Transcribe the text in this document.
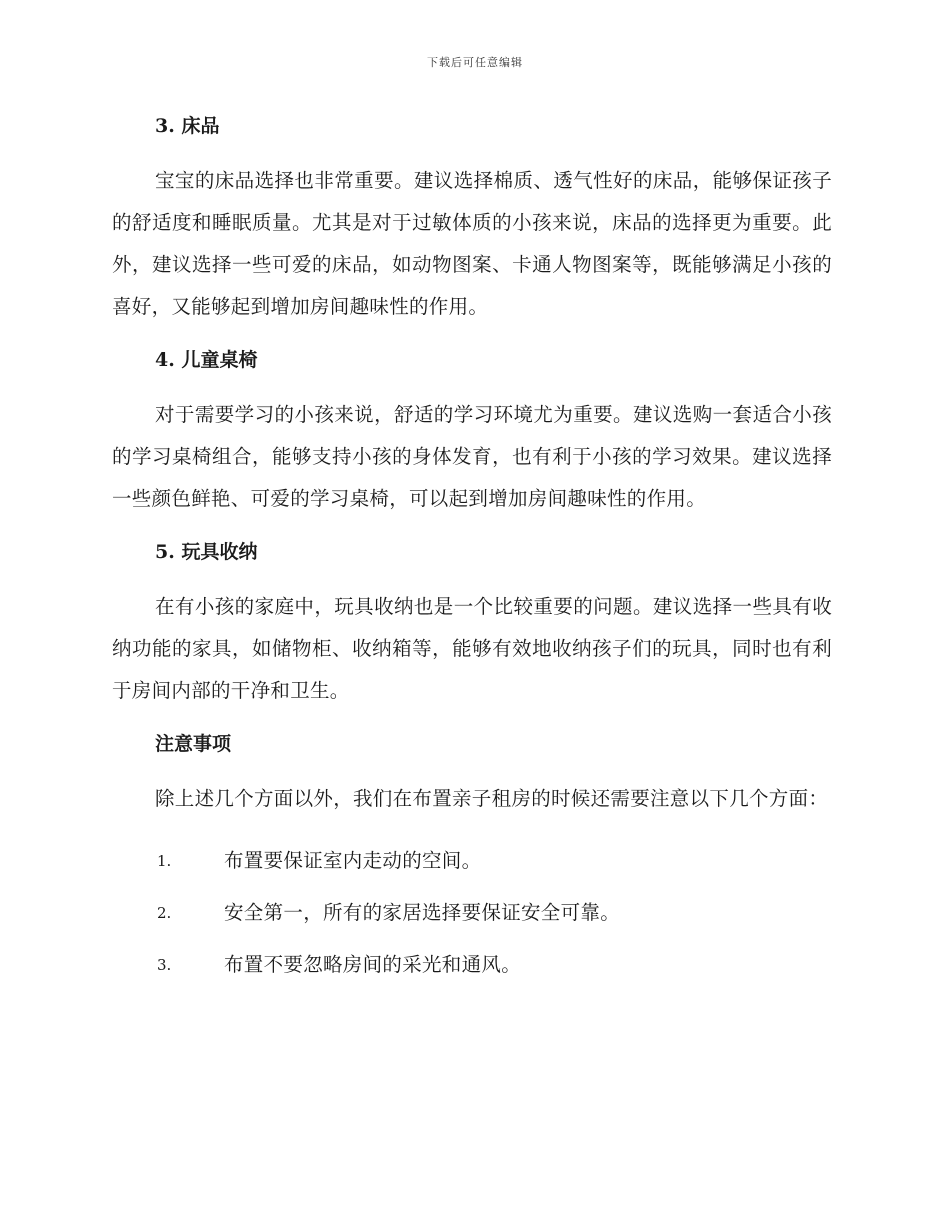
下载后可任意编辑
3. 床品

宝宝的床品选择也非常重要。建议选择棉质、透气性好的床品，能够保证孩子的舒适度和睡眠质量。尤其是对于过敏体质的小孩来说，床品的选择更为重要。此外，建议选择一些可爱的床品，如动物图案、卡通人物图案等，既能够满足小孩的喜好，又能够起到增加房间趣味性的作用。

4. 儿童桌椅

对于需要学习的小孩来说，舒适的学习环境尤为重要。建议选购一套适合小孩的学习桌椅组合，能够支持小孩的身体发育，也有利于小孩的学习效果。建议选择一些颜色鲜艳、可爱的学习桌椅，可以起到增加房间趣味性的作用。

5. 玩具收纳

在有小孩的家庭中，玩具收纳也是一个比较重要的问题。建议选择一些具有收纳功能的家具，如储物柜、收纳箱等，能够有效地收纳孩子们的玩具，同时也有利于房间内部的干净和卫生。

注意事项

除上述几个方面以外，我们在布置亲子租房的时候还需要注意以下几个方面：

1.	布置要保证室内走动的空间。
2.	安全第一，所有的家居选择要保证安全可靠。
3.	布置不要忽略房间的采光和通风。
